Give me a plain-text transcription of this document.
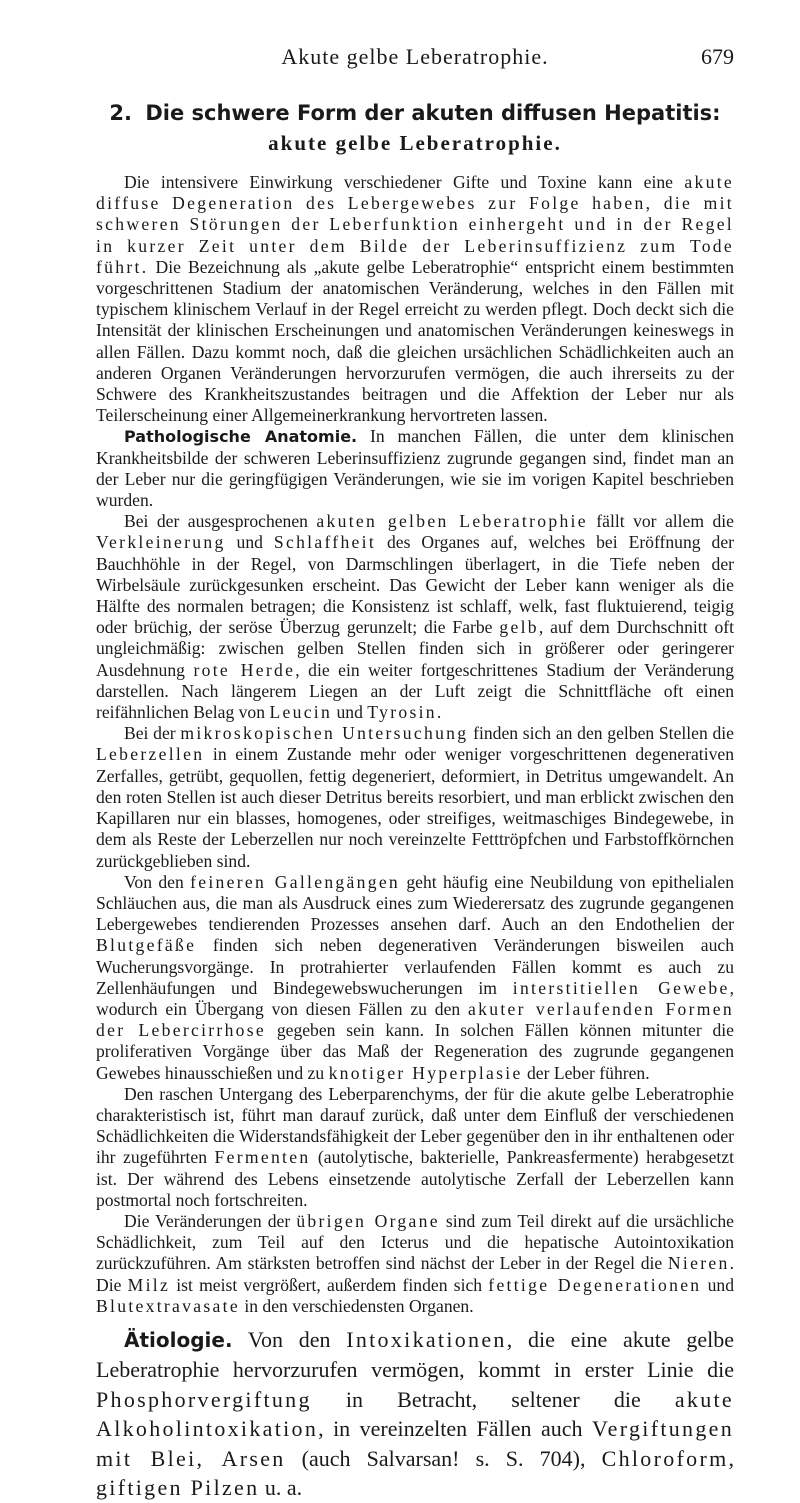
Akute gelbe Leberatrophie.	679
2. Die schwere Form der akuten diffusen Hepatitis: akute gelbe Leberatrophie.

Die intensivere Einwirkung verschiedener Gifte und Toxine kann eine akute diffuse Degeneration des Lebergewebes zur Folge haben, die mit schweren Störungen der Leberfunktion einhergeht und in der Regel in kurzer Zeit unter dem Bilde der Leberinsuffizienz zum Tode führt. Die Bezeichnung als „akute gelbe Leberatrophie“ entspricht einem bestimmten vorgeschrittenen Stadium der anatomischen Veränderung, welches in den Fällen mit typischem klinischem Verlauf in der Regel erreicht zu werden pflegt. Doch deckt sich die Intensität der klinischen Erscheinungen und anatomischen Veränderungen keineswegs in allen Fällen. Dazu kommt noch, daß die gleichen ursächlichen Schädlichkeiten auch an anderen Organen Veränderungen hervorzurufen vermögen, die auch ihrerseits zu der Schwere des Krankheitszustandes beitragen und die Affektion der Leber nur als Teilerscheinung einer Allgemeinerkrankung hervortreten lassen.

Pathologische Anatomie. In manchen Fällen, die unter dem klinischen Krankheitsbilde der schweren Leberinsuffizienz zugrunde gegangen sind, findet man an der Leber nur die geringfügigen Veränderungen, wie sie im vorigen Kapitel beschrieben wurden.

Bei der ausgesprochenen akuten gelben Leberatrophie fällt vor allem die Verkleinerung und Schlaffheit des Organes auf, welches bei Eröffnung der Bauchhöhle in der Regel, von Darmschlingen überlagert, in die Tiefe neben der Wirbelsäule zurückgesunken erscheint. Das Gewicht der Leber kann weniger als die Hälfte des normalen betragen; die Konsistenz ist schlaff, welk, fast fluktuierend, teigig oder brüchig, der seröse Überzug gerunzelt; die Farbe gelb, auf dem Durchschnitt oft ungleichmäßig: zwischen gelben Stellen finden sich in größerer oder geringerer Ausdehnung rote Herde, die ein weiter fortgeschrittenes Stadium der Veränderung darstellen. Nach längerem Liegen an der Luft zeigt die Schnittfläche oft einen reifähnlichen Belag von Leucin und Tyrosin.

Bei der mikroskopischen Untersuchung finden sich an den gelben Stellen die Leberzellen in einem Zustande mehr oder weniger vorgeschrittenen degenerativen Zerfalles, getrübt, gequollen, fettig degeneriert, deformiert, in Detritus umgewandelt. An den roten Stellen ist auch dieser Detritus bereits resorbiert, und man erblickt zwischen den Kapillaren nur ein blasses, homogenes, oder streifiges, weitmaschiges Bindegewebe, in dem als Reste der Leberzellen nur noch vereinzelte Fetttröpfchen und Farbstoffkörnchen zurückgeblieben sind.

Von den feineren Gallengängen geht häufig eine Neubildung von epithelialen Schläuchen aus, die man als Ausdruck eines zum Wiederersatz des zugrunde gegangenen Lebergewebes tendierenden Prozesses ansehen darf. Auch an den Endothelien der Blutgefäße finden sich neben degenerativen Veränderungen bisweilen auch Wucherungsvorgänge. In protrahierter verlaufenden Fällen kommt es auch zu Zellenhäufungen und Bindegewebswucherungen im interstitiellen Gewebe, wodurch ein Übergang von diesen Fällen zu den akuter verlaufenden Formen der Lebercirrhose gegeben sein kann. In solchen Fällen können mitunter die proliferativen Vorgänge über das Maß der Regeneration des zugrunde gegangenen Gewebes hinausschießen und zu knotiger Hyperplasie der Leber führen.

Den raschen Untergang des Leberparenchyms, der für die akute gelbe Leberatrophie charakteristisch ist, führt man darauf zurück, daß unter dem Einfluß der verschiedenen Schädlichkeiten die Widerstandsfähigkeit der Leber gegenüber den in ihr enthaltenen oder ihr zugeführten Fermenten (autolytische, bakterielle, Pankreasfermente) herabgesetzt ist. Der während des Lebens einsetzende autolytische Zerfall der Leberzellen kann postmortal noch fortschreiten.

Die Veränderungen der übrigen Organe sind zum Teil direkt auf die ursächliche Schädlichkeit, zum Teil auf den Icterus und die hepatische Autointoxikation zurückzuführen. Am stärksten betroffen sind nächst der Leber in der Regel die Nieren. Die Milz ist meist vergrößert, außerdem finden sich fettige Degenerationen und Blutextravasate in den verschiedensten Organen.

Ätiologie. Von den Intoxikationen, die eine akute gelbe Leberatrophie hervorzurufen vermögen, kommt in erster Linie die Phosphorvergiftung in Betracht, seltener die akute Alkoholintoxikation, in vereinzelten Fällen auch Vergiftungen mit Blei, Arsen (auch Salvarsan! s. S. 704), Chloroform, giftigen Pilzen u. a.
